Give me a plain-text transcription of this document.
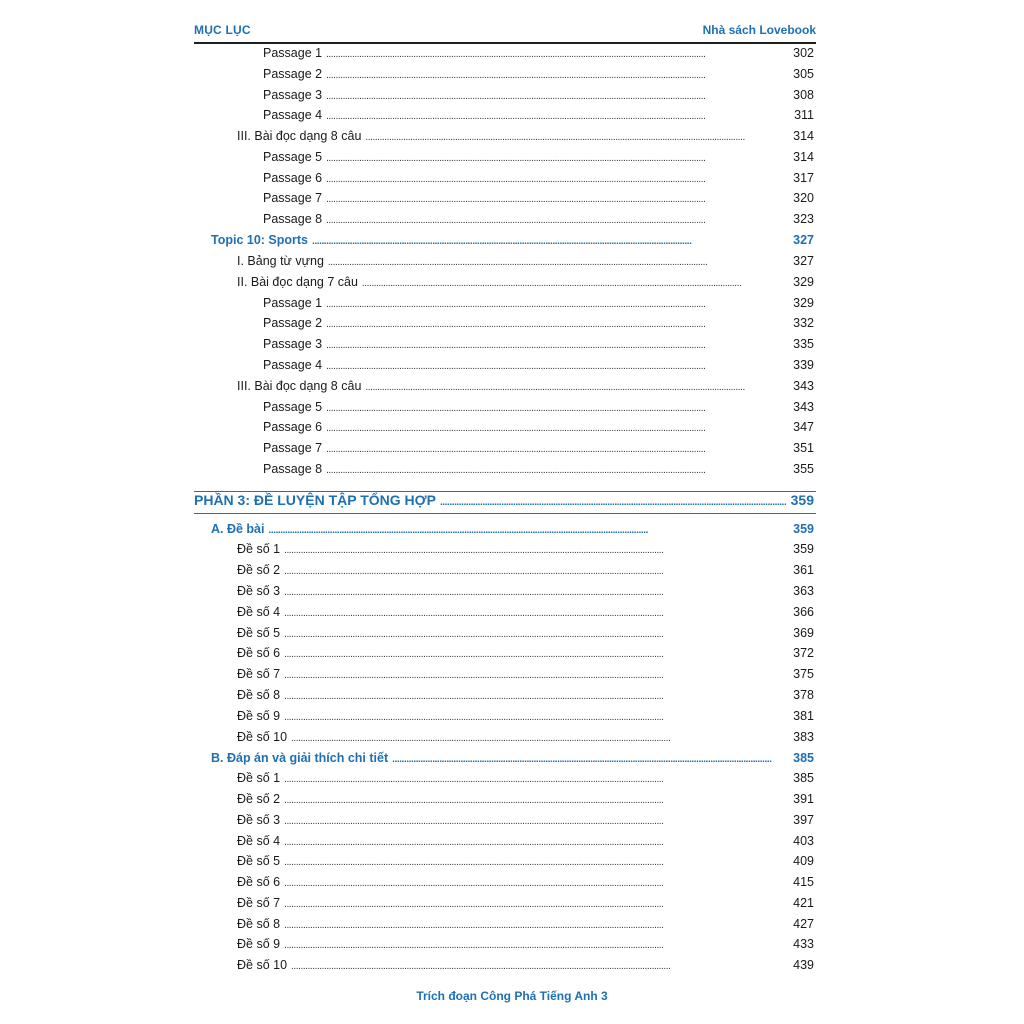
MỤC LỤC	Nhà sách Lovebook
Passage 1 . . .	302
Passage 2 . . .	305
Passage 3 . . .	308
Passage 4 . . .	311
III. Bài đọc dạng 8 câu . . .	314
Passage 5 . . .	314
Passage 6 . . .	317
Passage 7 . . .	320
Passage 8 . . .	323
Topic 10: Sports . . .	327
I. Bảng từ vựng . . .	327
II. Bài đọc dạng 7 câu . . .	329
Passage 1 . . .	329
Passage 2 . . .	332
Passage 3 . . .	335
Passage 4 . . .	339
III. Bài đọc dạng 8 câu . . .	343
Passage 5 . . .	343
Passage 6 . . .	347
Passage 7 . . .	351
Passage 8 . . .	355
PHẦN 3: ĐỀ LUYỆN TẬP TỔNG HỢP . . .	359
A. Đề bài . . .	359
Đề số 1 . . .	359
Đề số 2 . . .	361
Đề số 3 . . .	363
Đề số 4 . . .	366
Đề số 5 . . .	369
Đề số 6 . . .	372
Đề số 7 . . .	375
Đề số 8 . . .	378
Đề số 9 . . .	381
Đề số 10 . . .	383
B. Đáp án và giải thích chi tiết . . .	385
Đề số 1 . . .	385
Đề số 2 . . .	391
Đề số 3 . . .	397
Đề số 4 . . .	403
Đề số 5 . . .	409
Đề số 6 . . .	415
Đề số 7 . . .	421
Đề số 8 . . .	427
Đề số 9 . . .	433
Đề số 10 . . .	439
Trích đoạn Công Phá Tiếng Anh 3
